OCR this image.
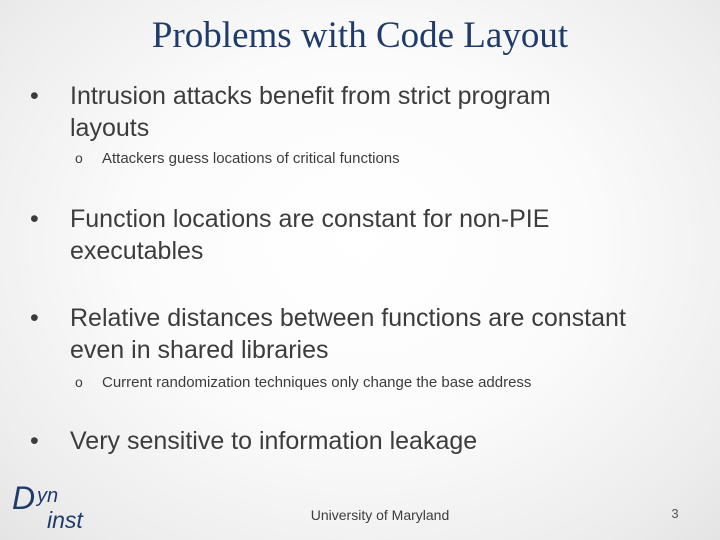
Problems with Code Layout
•	Intrusion attacks benefit from strict program layouts
o Attackers guess locations of critical functions
•	Function locations are constant for non-PIE executables
•	Relative distances between functions are constant even in shared libraries
o Current randomization techniques only change the base address
•	Very sensitive to information leakage
D yn
inst	University of Maryland	3
